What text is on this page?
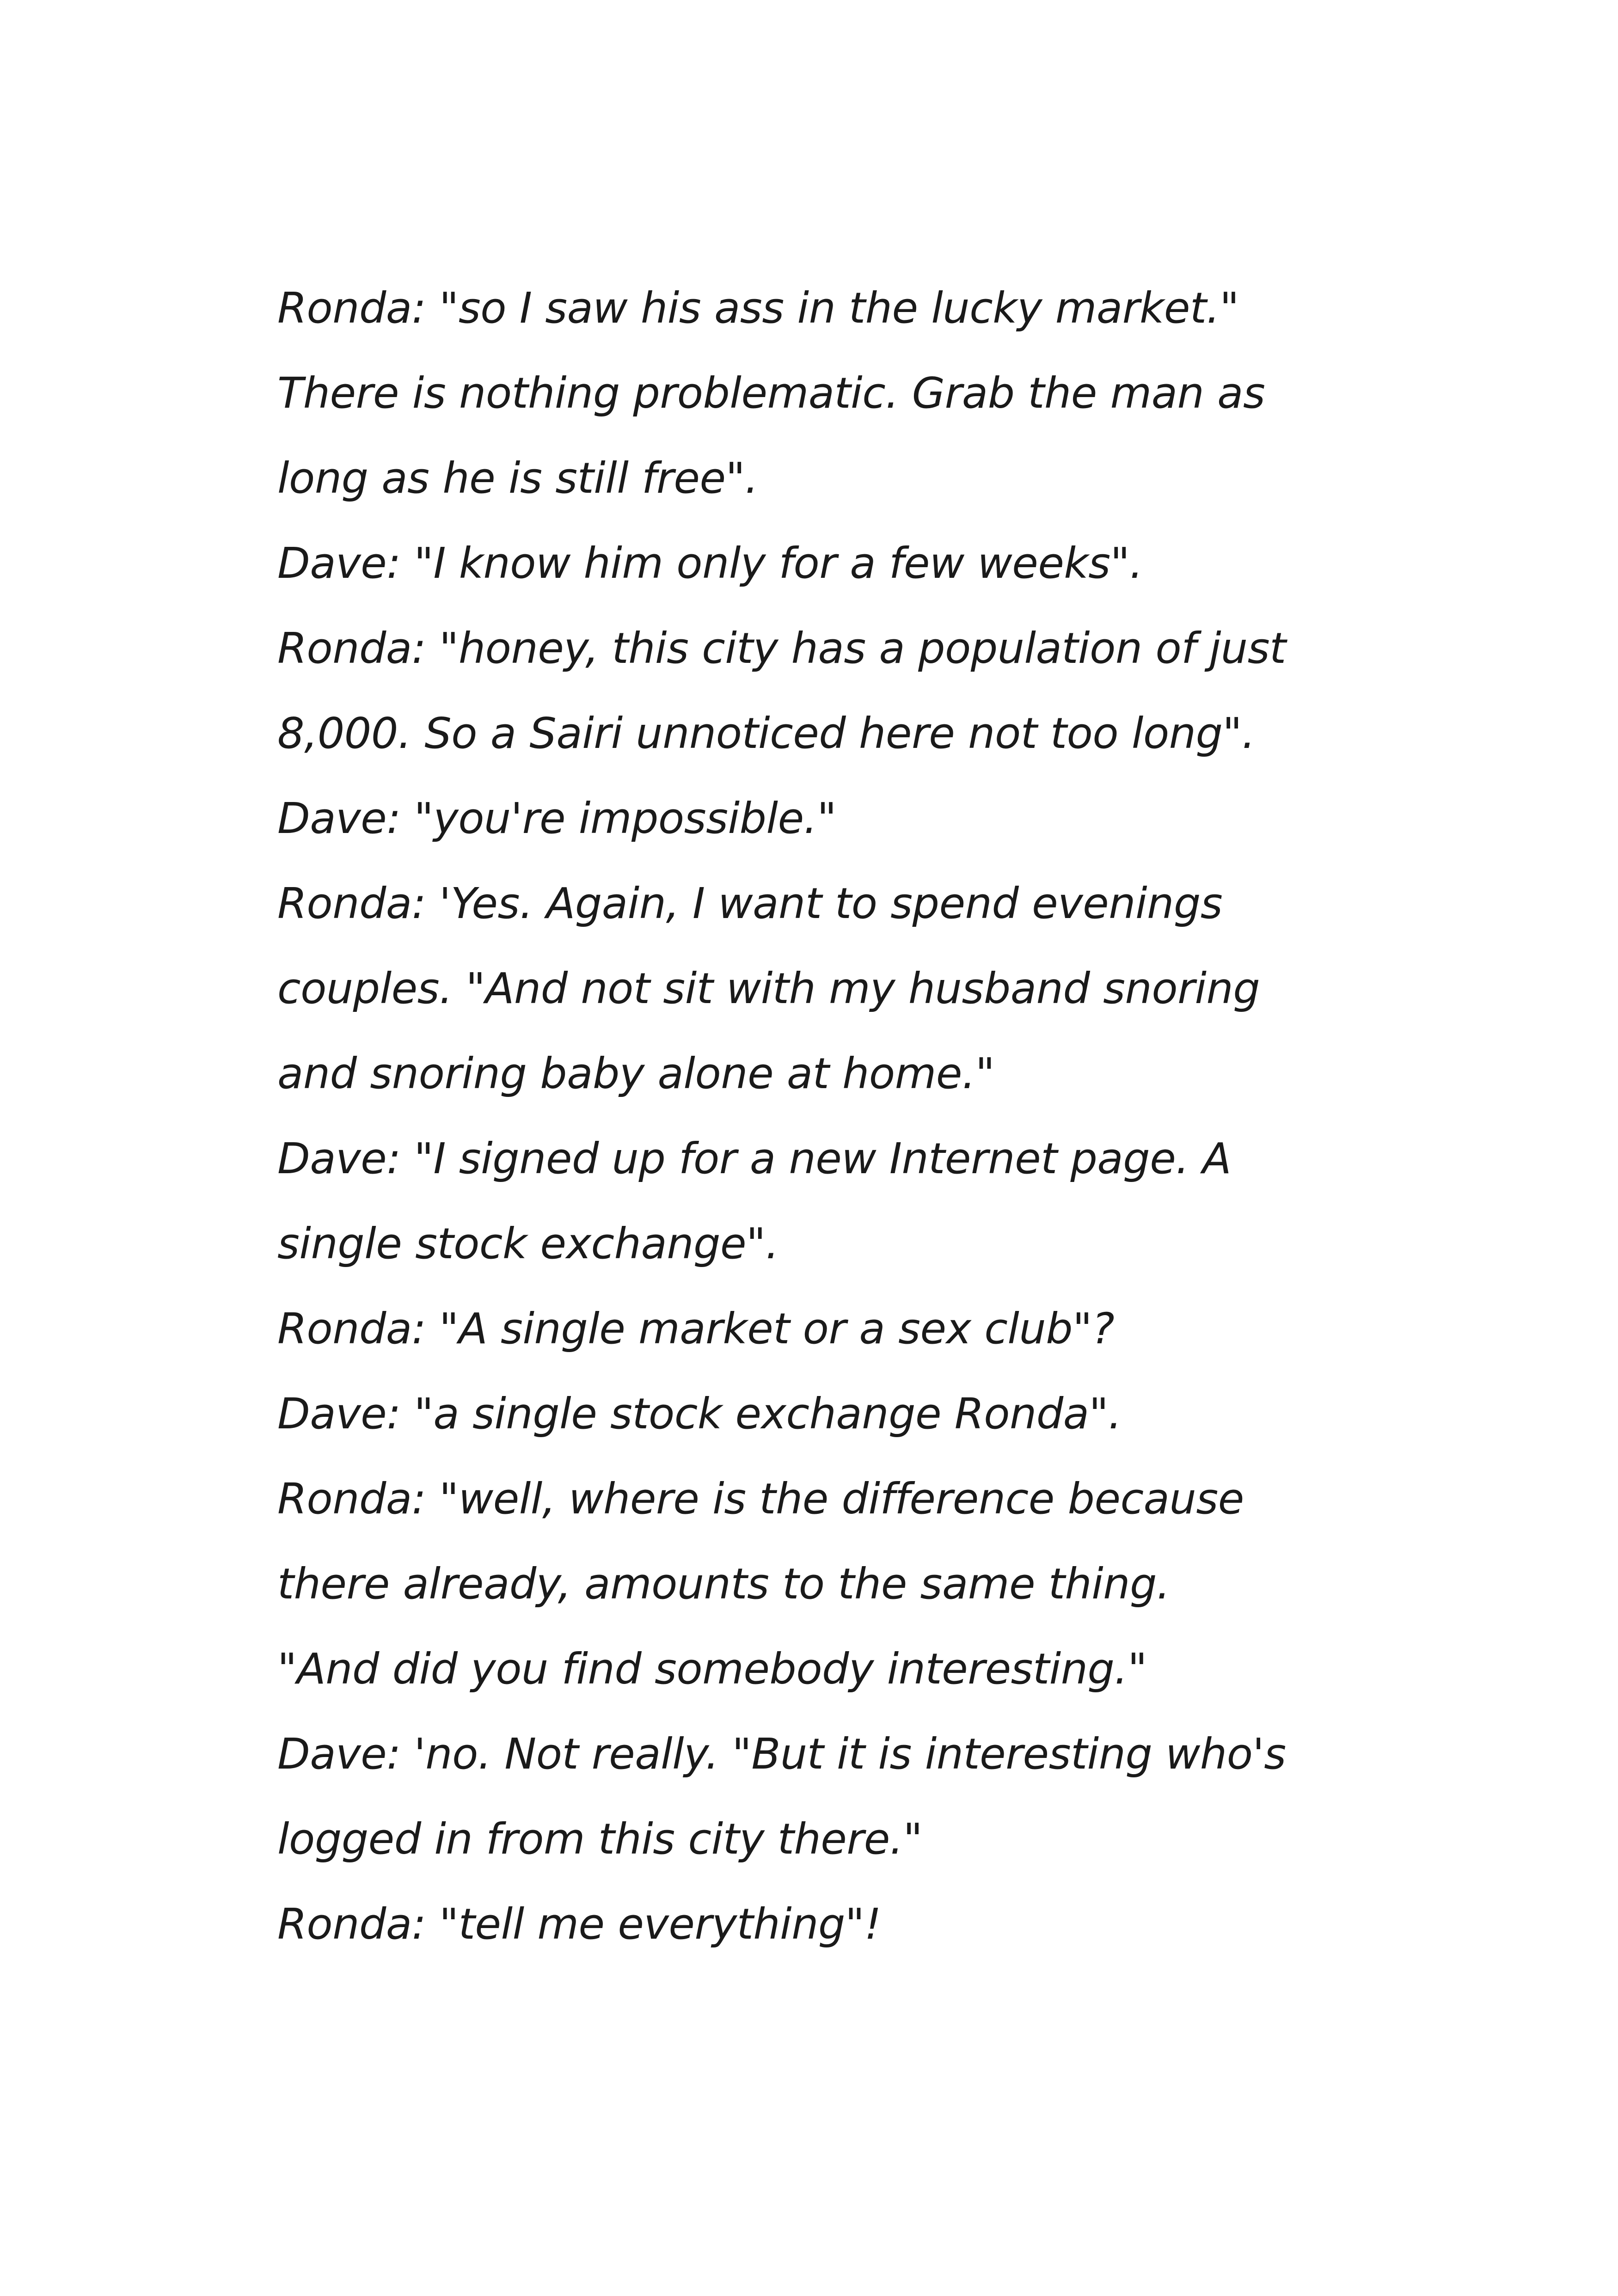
Ronda: "so I saw his ass in the lucky market."
There is nothing problematic. Grab the man as
long as he is still free".
Dave: "I know him only for a few weeks".
Ronda: "honey, this city has a population of just
8,000. So a Sairi unnoticed here not too long".
Dave: "you're impossible."
Ronda: 'Yes. Again, I want to spend evenings
couples. "And not sit with my husband snoring
and snoring baby alone at home."
Dave: "I signed up for a new Internet page. A
single stock exchange".
Ronda: "A single market or a sex club"?
Dave: "a single stock exchange Ronda".
Ronda: "well, where is the difference because
there already, amounts to the same thing.
"And did you find somebody interesting."
Dave: 'no. Not really. "But it is interesting who's
logged in from this city there."
Ronda: "tell me everything"!
